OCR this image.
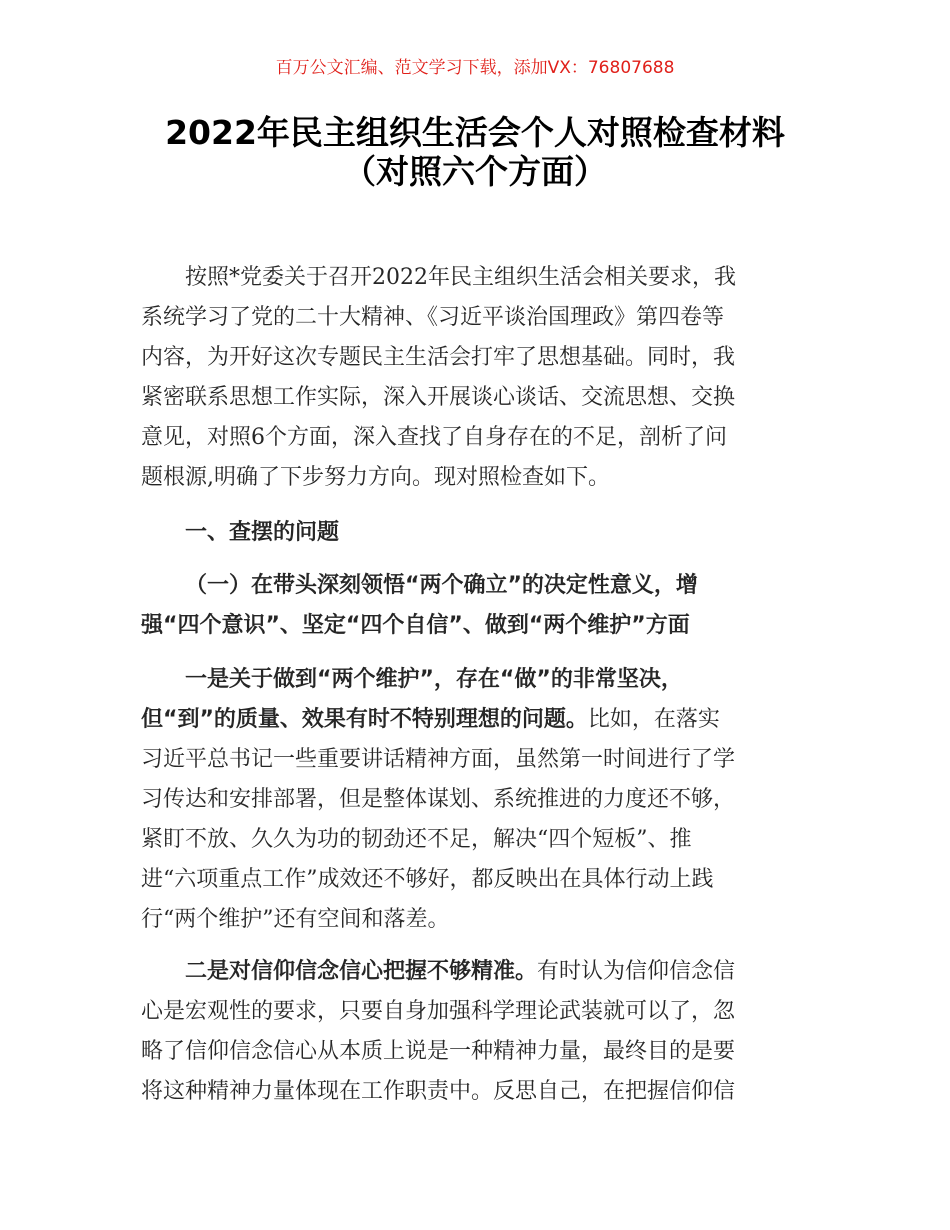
百万公文汇编、范文学习下载，添加VX：76807688
2022年民主组织生活会个人对照检查材料
（对照六个方面）
按照*党委关于召开2022年民主组织生活会相关要求，我
系统学习了党的二十大精神、《习近平谈治国理政》第四卷等
内容，为开好这次专题民主生活会打牢了思想基础。同时，我
紧密联系思想工作实际，深入开展谈心谈话、交流思想、交换
意见，对照6个方面，深入查找了自身存在的不足，剖析了问
题根源,明确了下步努力方向。现对照检查如下。
一、查摆的问题
（一）在带头深刻领悟“两个确立”的决定性意义，增
强“四个意识”、坚定“四个自信”、做到“两个维护”方面
一是关于做到“两个维护”，存在“做”的非常坚决，
但“到”的质量、效果有时不特别理想的问题。比如，在落实
习近平总书记一些重要讲话精神方面，虽然第一时间进行了学
习传达和安排部署，但是整体谋划、系统推进的力度还不够，
紧盯不放、久久为功的韧劲还不足，解决“四个短板”、推
进“六项重点工作”成效还不够好，都反映出在具体行动上践
行“两个维护”还有空间和落差。
二是对信仰信念信心把握不够精准。有时认为信仰信念信
心是宏观性的要求，只要自身加强科学理论武装就可以了，忽
略了信仰信念信心从本质上说是一种精神力量，最终目的是要
将这种精神力量体现在工作职责中。反思自己，在把握信仰信
